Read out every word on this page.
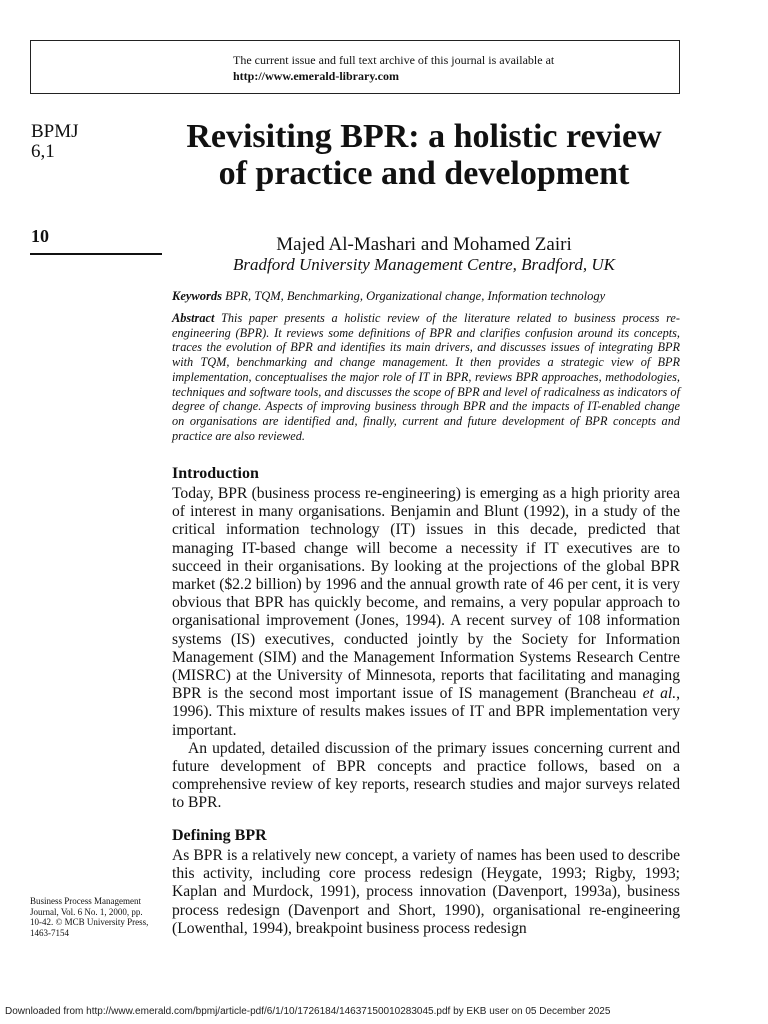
The current issue and full text archive of this journal is available at
http://www.emerald-library.com
BPMJ
6,1
10
Revisiting BPR: a holistic review of practice and development
Majed Al-Mashari and Mohamed Zairi
Bradford University Management Centre, Bradford, UK
Keywords BPR, TQM, Benchmarking, Organizational change, Information technology
Abstract This paper presents a holistic review of the literature related to business process re-engineering (BPR). It reviews some definitions of BPR and clarifies confusion around its concepts, traces the evolution of BPR and identifies its main drivers, and discusses issues of integrating BPR with TQM, benchmarking and change management. It then provides a strategic view of BPR implementation, conceptualises the major role of IT in BPR, reviews BPR approaches, methodologies, techniques and software tools, and discusses the scope of BPR and level of radicalness as indicators of degree of change. Aspects of improving business through BPR and the impacts of IT-enabled change on organisations are identified and, finally, current and future development of BPR concepts and practice are also reviewed.
Introduction

Today, BPR (business process re-engineering) is emerging as a high priority area of interest in many organisations. Benjamin and Blunt (1992), in a study of the critical information technology (IT) issues in this decade, predicted that managing IT-based change will become a necessity if IT executives are to succeed in their organisations. By looking at the projections of the global BPR market ($2.2 billion) by 1996 and the annual growth rate of 46 per cent, it is very obvious that BPR has quickly become, and remains, a very popular approach to organisational improvement (Jones, 1994). A recent survey of 108 information systems (IS) executives, conducted jointly by the Society for Information Management (SIM) and the Management Information Systems Research Centre (MISRC) at the University of Minnesota, reports that facilitating and managing BPR is the second most important issue of IS management (Brancheau et al., 1996). This mixture of results makes issues of IT and BPR implementation very important.

An updated, detailed discussion of the primary issues concerning current and future development of BPR concepts and practice follows, based on a comprehensive review of key reports, research studies and major surveys related to BPR.

Defining BPR

As BPR is a relatively new concept, a variety of names has been used to describe this activity, including core process redesign (Heygate, 1993; Rigby, 1993; Kaplan and Murdock, 1991), process innovation (Davenport, 1993a), business process redesign (Davenport and Short, 1990), organisational re-engineering (Lowenthal, 1994), breakpoint business process redesign

Business Process Management Journal, Vol. 6 No. 1, 2000, pp. 10-42. © MCB University Press, 1463-7154
Downloaded from http://www.emerald.com/bpmj/article-pdf/6/1/10/1726184/14637150010283045.pdf by EKB user on 05 December 2025
